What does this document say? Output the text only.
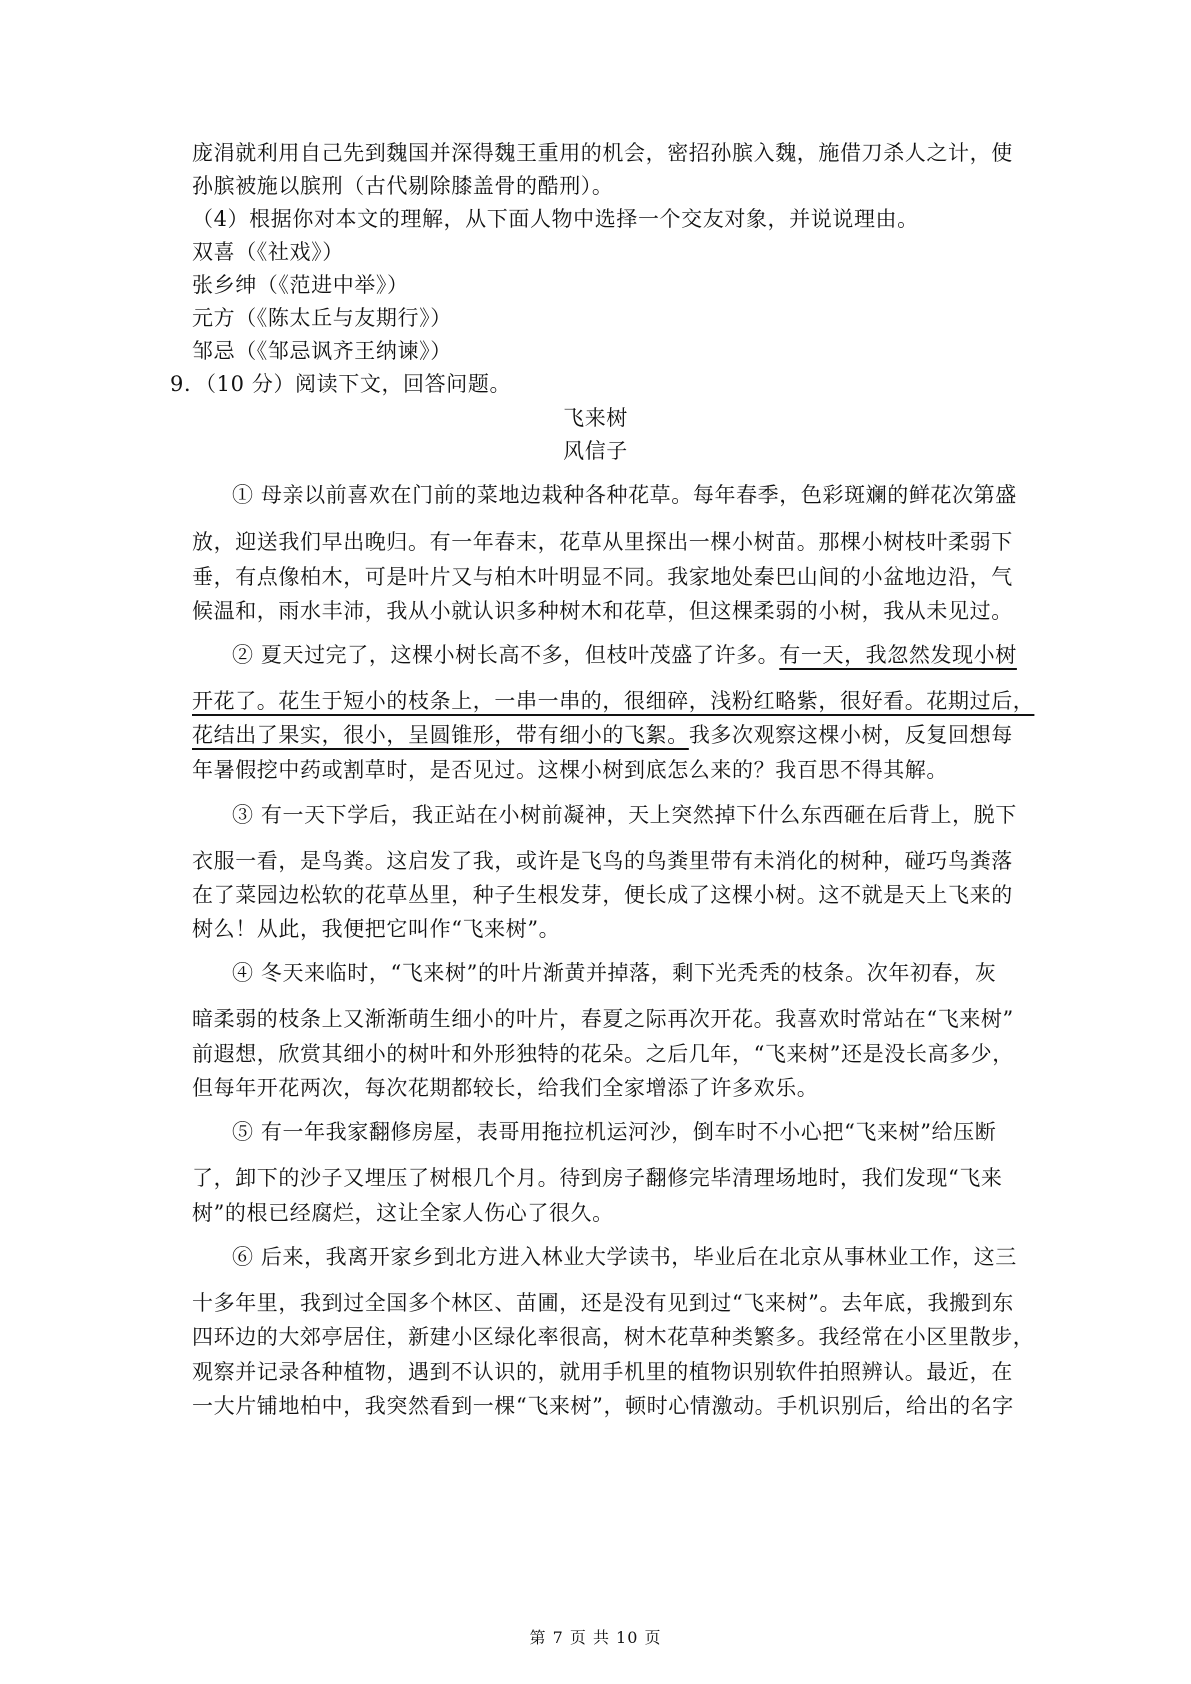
庞涓就利用自己先到魏国并深得魏王重用的机会，密招孙膑入魏，施借刀杀人之计，使
孙膑被施以膑刑（古代剔除膝盖骨的酷刑）。
（4）根据你对本文的理解，从下面人物中选择一个交友对象，并说说理由。
双喜（《社戏》）
张乡绅（《范进中举》）
元方（《陈太丘与友期行》）
邹忌（《邹忌讽齐王纳谏》）
9．（10 分）阅读下文，回答问题。
飞来树
风信子
① 母亲以前喜欢在门前的菜地边栽种各种花草。每年春季，色彩斑斓的鲜花次第盛
放，迎送我们早出晚归。有一年春末，花草从里探出一棵小树苗。那棵小树枝叶柔弱下
垂，有点像柏木，可是叶片又与柏木叶明显不同。我家地处秦巴山间的小盆地边沿，气
候温和，雨水丰沛，我从小就认识多种树木和花草，但这棵柔弱的小树，我从未见过。
② 夏天过完了，这棵小树长高不多，但枝叶茂盛了许多。有一天，我忽然发现小树
开花了。花生于短小的枝条上，一串一串的，很细碎，浅粉红略紫，很好看。花期过后，
花结出了果实，很小，呈圆锥形，带有细小的飞絮。我多次观察这棵小树，反复回想每
年暑假挖中药或割草时，是否见过。这棵小树到底怎么来的？我百思不得其解。
③ 有一天下学后，我正站在小树前凝神，天上突然掉下什么东西砸在后背上，脱下
衣服一看，是鸟粪。这启发了我，或许是飞鸟的鸟粪里带有未消化的树种，碰巧鸟粪落
在了菜园边松软的花草丛里，种子生根发芽，便长成了这棵小树。这不就是天上飞来的
树么！从此，我便把它叫作“飞来树”。
④ 冬天来临时，“飞来树”的叶片渐黄并掉落，剩下光秃秃的枝条。次年初春，灰
暗柔弱的枝条上又渐渐萌生细小的叶片，春夏之际再次开花。我喜欢时常站在“飞来树”
前遐想，欣赏其细小的树叶和外形独特的花朵。之后几年，“飞来树”还是没长高多少，
但每年开花两次，每次花期都较长，给我们全家增添了许多欢乐。
⑤ 有一年我家翻修房屋，表哥用拖拉机运河沙，倒车时不小心把“飞来树”给压断
了，卸下的沙子又埋压了树根几个月。待到房子翻修完毕清理场地时，我们发现“飞来
树”的根已经腐烂，这让全家人伤心了很久。
⑥ 后来，我离开家乡到北方进入林业大学读书，毕业后在北京从事林业工作，这三
十多年里，我到过全国多个林区、苗圃，还是没有见到过“飞来树”。去年底，我搬到东
四环边的大郊亭居住，新建小区绿化率很高，树木花草种类繁多。我经常在小区里散步，
观察并记录各种植物，遇到不认识的，就用手机里的植物识别软件拍照辨认。最近，在
一大片铺地柏中，我突然看到一棵“飞来树”，顿时心情激动。手机识别后，给出的名字
第 7 页 共 10 页
